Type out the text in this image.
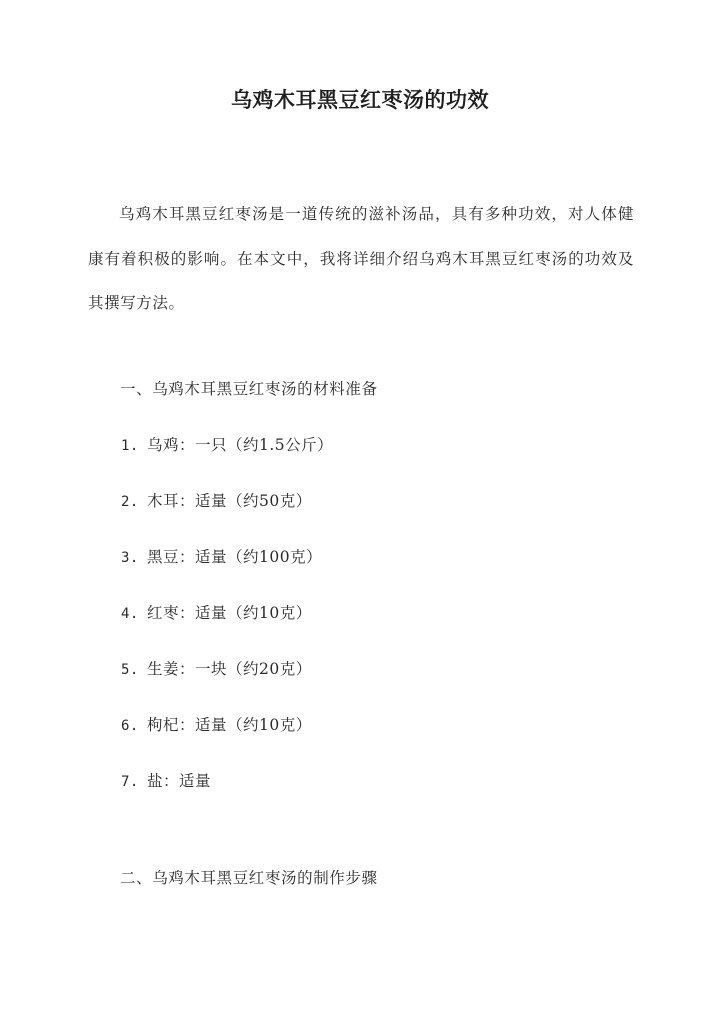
乌鸡木耳黑豆红枣汤的功效

乌鸡木耳黑豆红枣汤是一道传统的滋补汤品，具有多种功效，对人体健康有着积极的影响。在本文中，我将详细介绍乌鸡木耳黑豆红枣汤的功效及其撰写方法。

一、乌鸡木耳黑豆红枣汤的材料准备

1. 乌鸡：一只（约1.5公斤）
2. 木耳：适量（约50克）
3. 黑豆：适量（约100克）
4. 红枣：适量（约10克）
5. 生姜：一块（约20克）
6. 枸杞：适量（约10克）
7. 盐：适量

二、乌鸡木耳黑豆红枣汤的制作步骤
